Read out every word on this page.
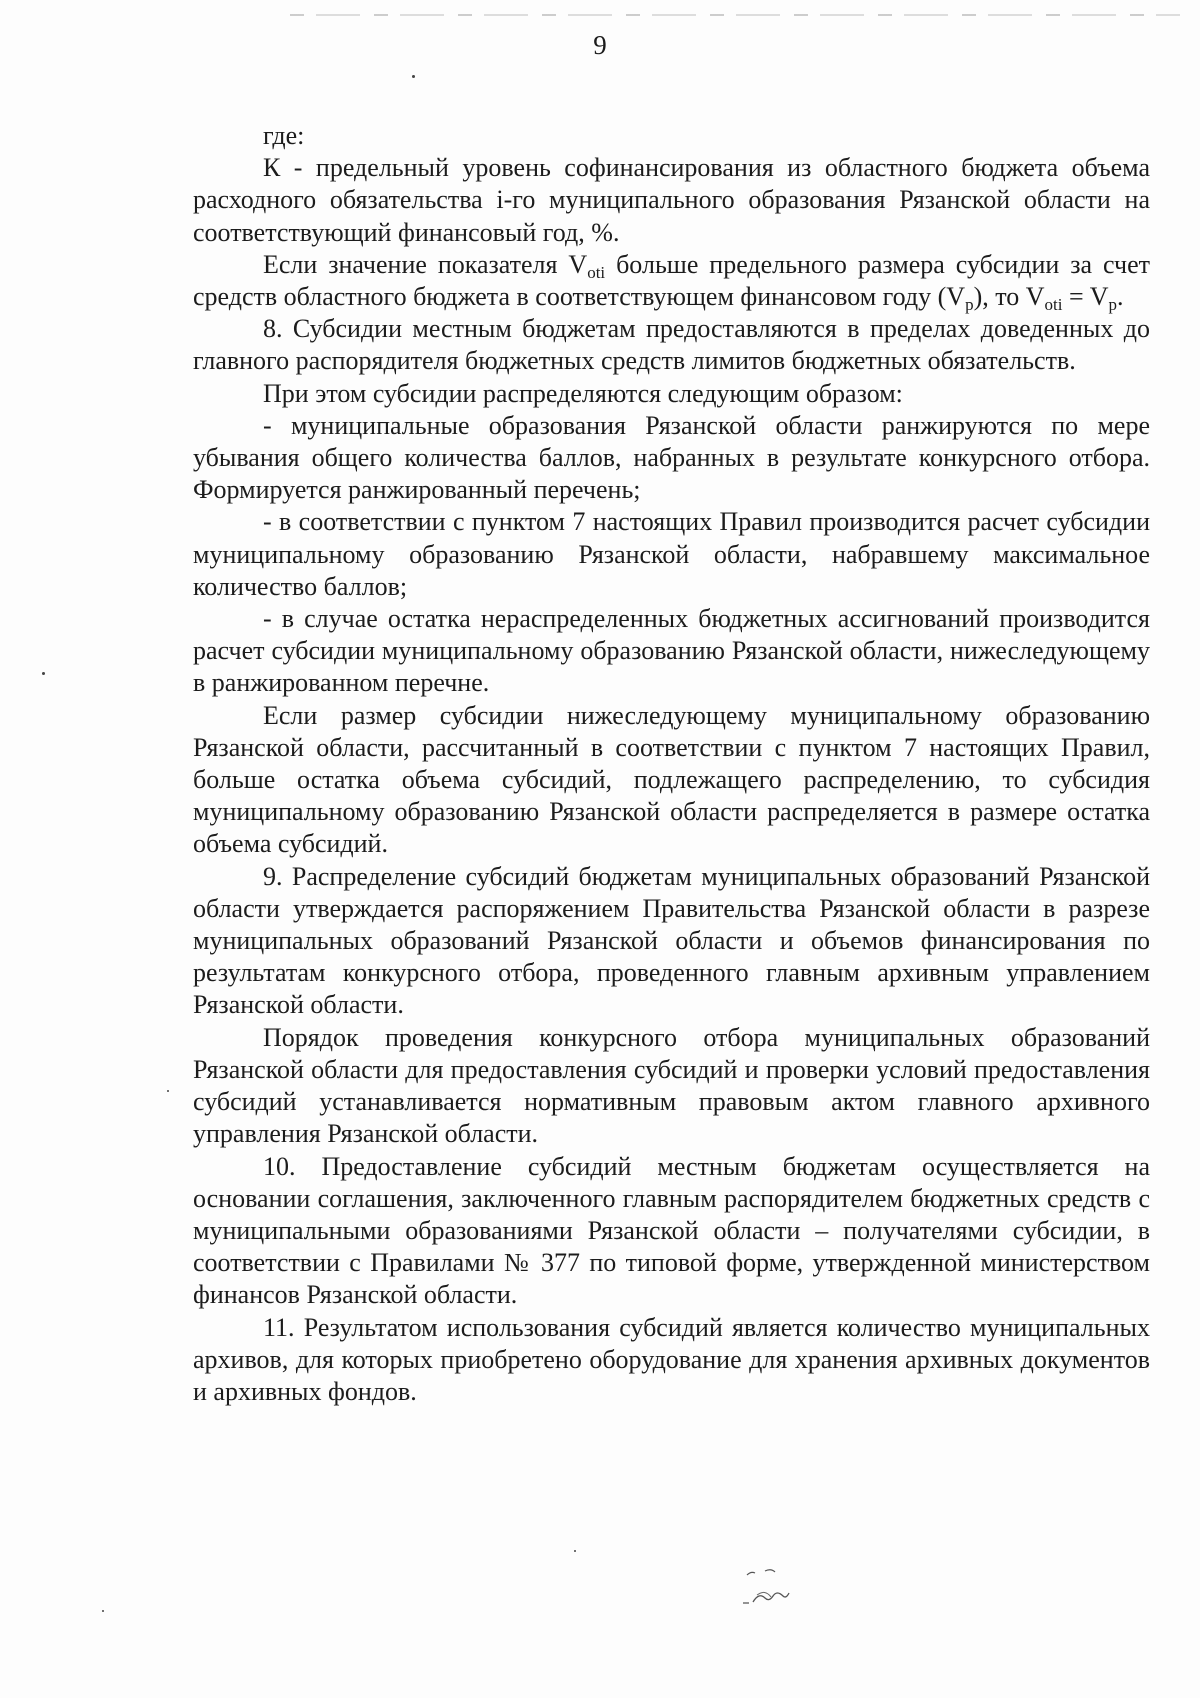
9

где:

К - предельный уровень софинансирования из областного бюджета объема расходного обязательства i-го муниципального образования Рязанской области на соответствующий финансовый год, %.

Если значение показателя $V_{oti}$ больше предельного размера субсидии за счет средств областного бюджета в соответствующем финансовом году $(V_p)$, то $V_{oti} = V_p$.

8. Субсидии местным бюджетам предоставляются в пределах доведенных до главного распорядителя бюджетных средств лимитов бюджетных обязательств.

При этом субсидии распределяются следующим образом:

- муниципальные образования Рязанской области ранжируются по мере убывания общего количества баллов, набранных в результате конкурсного отбора. Формируется ранжированный перечень;

- в соответствии с пунктом 7 настоящих Правил производится расчет субсидии муниципальному образованию Рязанской области, набравшему максимальное количество баллов;

- в случае остатка нераспределенных бюджетных ассигнований производится расчет субсидии муниципальному образованию Рязанской области, нижеследующему в ранжированном перечне.

Если размер субсидии нижеследующему муниципальному образованию Рязанской области, рассчитанный в соответствии с пунктом 7 настоящих Правил, больше остатка объема субсидий, подлежащего распределению, то субсидия муниципальному образованию Рязанской области распределяется в размере остатка объема субсидий.

9. Распределение субсидий бюджетам муниципальных образований Рязанской области утверждается распоряжением Правительства Рязанской области в разрезе муниципальных образований Рязанской области и объемов финансирования по результатам конкурсного отбора, проведенного главным архивным управлением Рязанской области.

Порядок проведения конкурсного отбора муниципальных образований Рязанской области для предоставления субсидий и проверки условий предоставления субсидий устанавливается нормативным правовым актом главного архивного управления Рязанской области.

10. Предоставление субсидий местным бюджетам осуществляется на основании соглашения, заключенного главным распорядителем бюджетных средств с муниципальными образованиями Рязанской области – получателями субсидии, в соответствии с Правилами № 377 по типовой форме, утвержденной министерством финансов Рязанской области.

11. Результатом использования субсидий является количество муниципальных архивов, для которых приобретено оборудование для хранения архивных документов и архивных фондов.
